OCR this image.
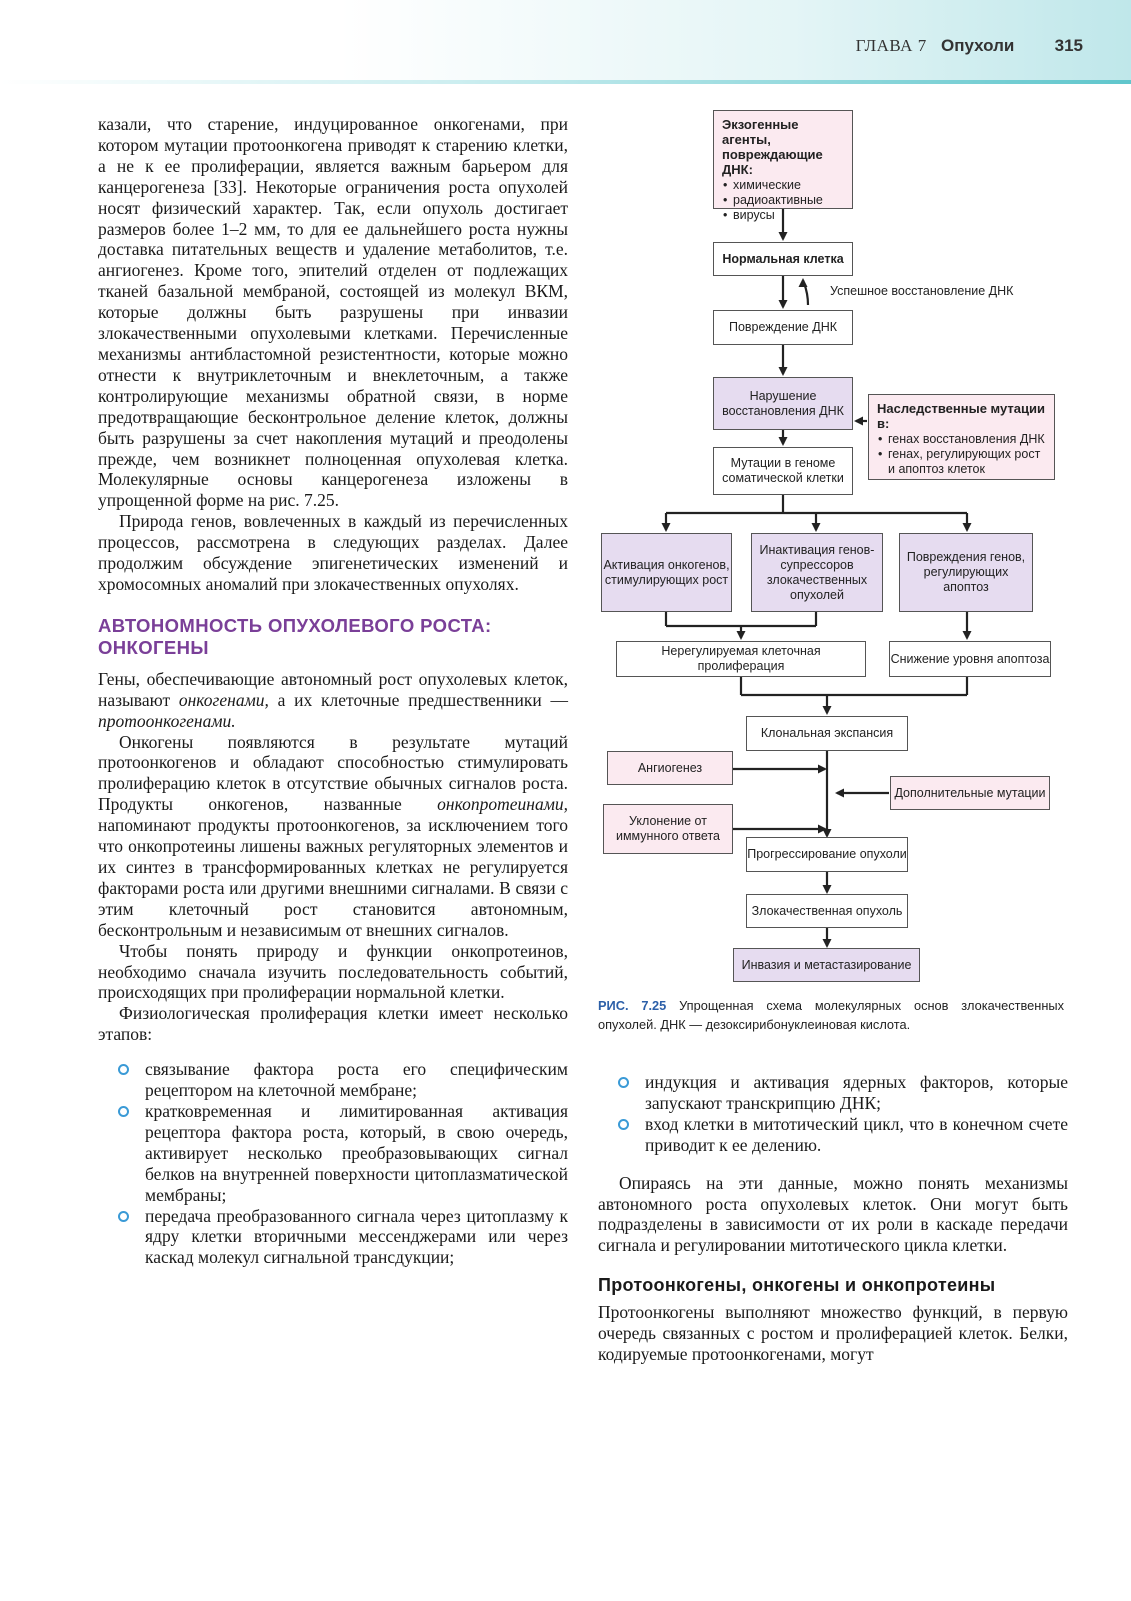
ГЛАВА 7 Опухоли 315

казали, что старение, индуцированное онкогенами, при котором мутации протоонкогена приводят к старению клетки, а не к ее пролиферации, является важным барьером для канцерогенеза [33]. Некоторые ограничения роста опухолей носят физический характер. Так, если опухоль достигает размеров более 1–2 мм, то для ее дальнейшего роста нужны доставка питательных веществ и удаление метаболитов, т.е. ангиогенез. Кроме того, эпителий отделен от подлежащих тканей базальной мембраной, состоящей из молекул ВКМ, которые должны быть разрушены при инвазии злокачественными опухолевыми клетками. Перечисленные механизмы антибластомной резистентности, которые можно отнести к внутриклеточным и внеклеточным, а также контролирующие механизмы обратной связи, в норме предотвращающие бесконтрольное деление клеток, должны быть разрушены за счет накопления мутаций и преодолены прежде, чем возникнет полноценная опухолевая клетка. Молекулярные основы канцерогенеза изложены в упрощенной форме на рис. 7.25.

Природа генов, вовлеченных в каждый из перечисленных процессов, рассмотрена в следующих разделах. Далее продолжим обсуждение эпигенетических изменений и хромосомных аномалий при злокачественных опухолях.

АВТОНОМНОСТЬ ОПУХОЛЕВОГО РОСТА: ОНКОГЕНЫ

Гены, обеспечивающие автономный рост опухолевых клеток, называют онкогенами, а их клеточные предшественники — протоонкогенами.

Онкогены появляются в результате мутаций протоонкогенов и обладают способностью стимулировать пролиферацию клеток в отсутствие обычных сигналов роста. Продукты онкогенов, названные онкопротеинами, напоминают продукты протоонкогенов, за исключением того что онкопротеины лишены важных регуляторных элементов и их синтез в трансформированных клетках не регулируется факторами роста или другими внешними сигналами. В связи с этим клеточный рост становится автономным, бесконтрольным и независимым от внешних сигналов.

Чтобы понять природу и функции онкопротеинов, необходимо сначала изучить последовательность событий, происходящих при пролиферации нормальной клетки.

Физиологическая пролиферация клетки имеет несколько этапов:

связывание фактора роста его специфическим рецептором на клеточной мембране;
кратковременная и лимитированная активация рецептора фактора роста, который, в свою очередь, активирует несколько преобразовывающих сигнал белков на внутренней поверхности цитоплазматической мембраны;
передача преобразованного сигнала через цитоплазму к ядру клетки вторичными мессенджерами или через каскад молекул сигнальной трансдукции;
Экзогенные агенты, повреждающие ДНК:
• химические
• радиоактивные
• вирусы
Нормальная клетка
Успешное восстановление ДНК
Повреждение ДНК
Нарушение восстановления ДНК	Наследственные мутации в:
• генах восстановления ДНК
• генах, регулирующих рост и апоптоз клеток
Мутации в геноме соматической клетки
Активация онкогенов, стимулирующих рост
Инактивация генов-супрессоров злокачественных опухолей
Повреждения генов, регулирующих апоптоз
Нерегулируемая клеточная пролиферация
Снижение уровня апоптоза
Клональная экспансия
Ангиогенез
Дополнительные мутации
Уклонение от иммунного ответа
Прогрессирование опухоли
Злокачественная опухоль
Инвазия и метастазирование
РИС. 7.25 Упрощенная схема молекулярных основ злокачественных опухолей. ДНК — дезоксирибонуклеиновая кислота.
индукция и активация ядерных факторов, которые запускают транскрипцию ДНК;
вход клетки в митотический цикл, что в конечном счете приводит к ее делению.

Опираясь на эти данные, можно понять механизмы автономного роста опухолевых клеток. Они могут быть подразделены в зависимости от их роли в каскаде передачи сигнала и регулировании митотического цикла клетки.

Протоонкогены, онкогены и онкопротеины

Протоонкогены выполняют множество функций, в первую очередь связанных с ростом и пролиферацией клеток. Белки, кодируемые протоонкогенами, могут
